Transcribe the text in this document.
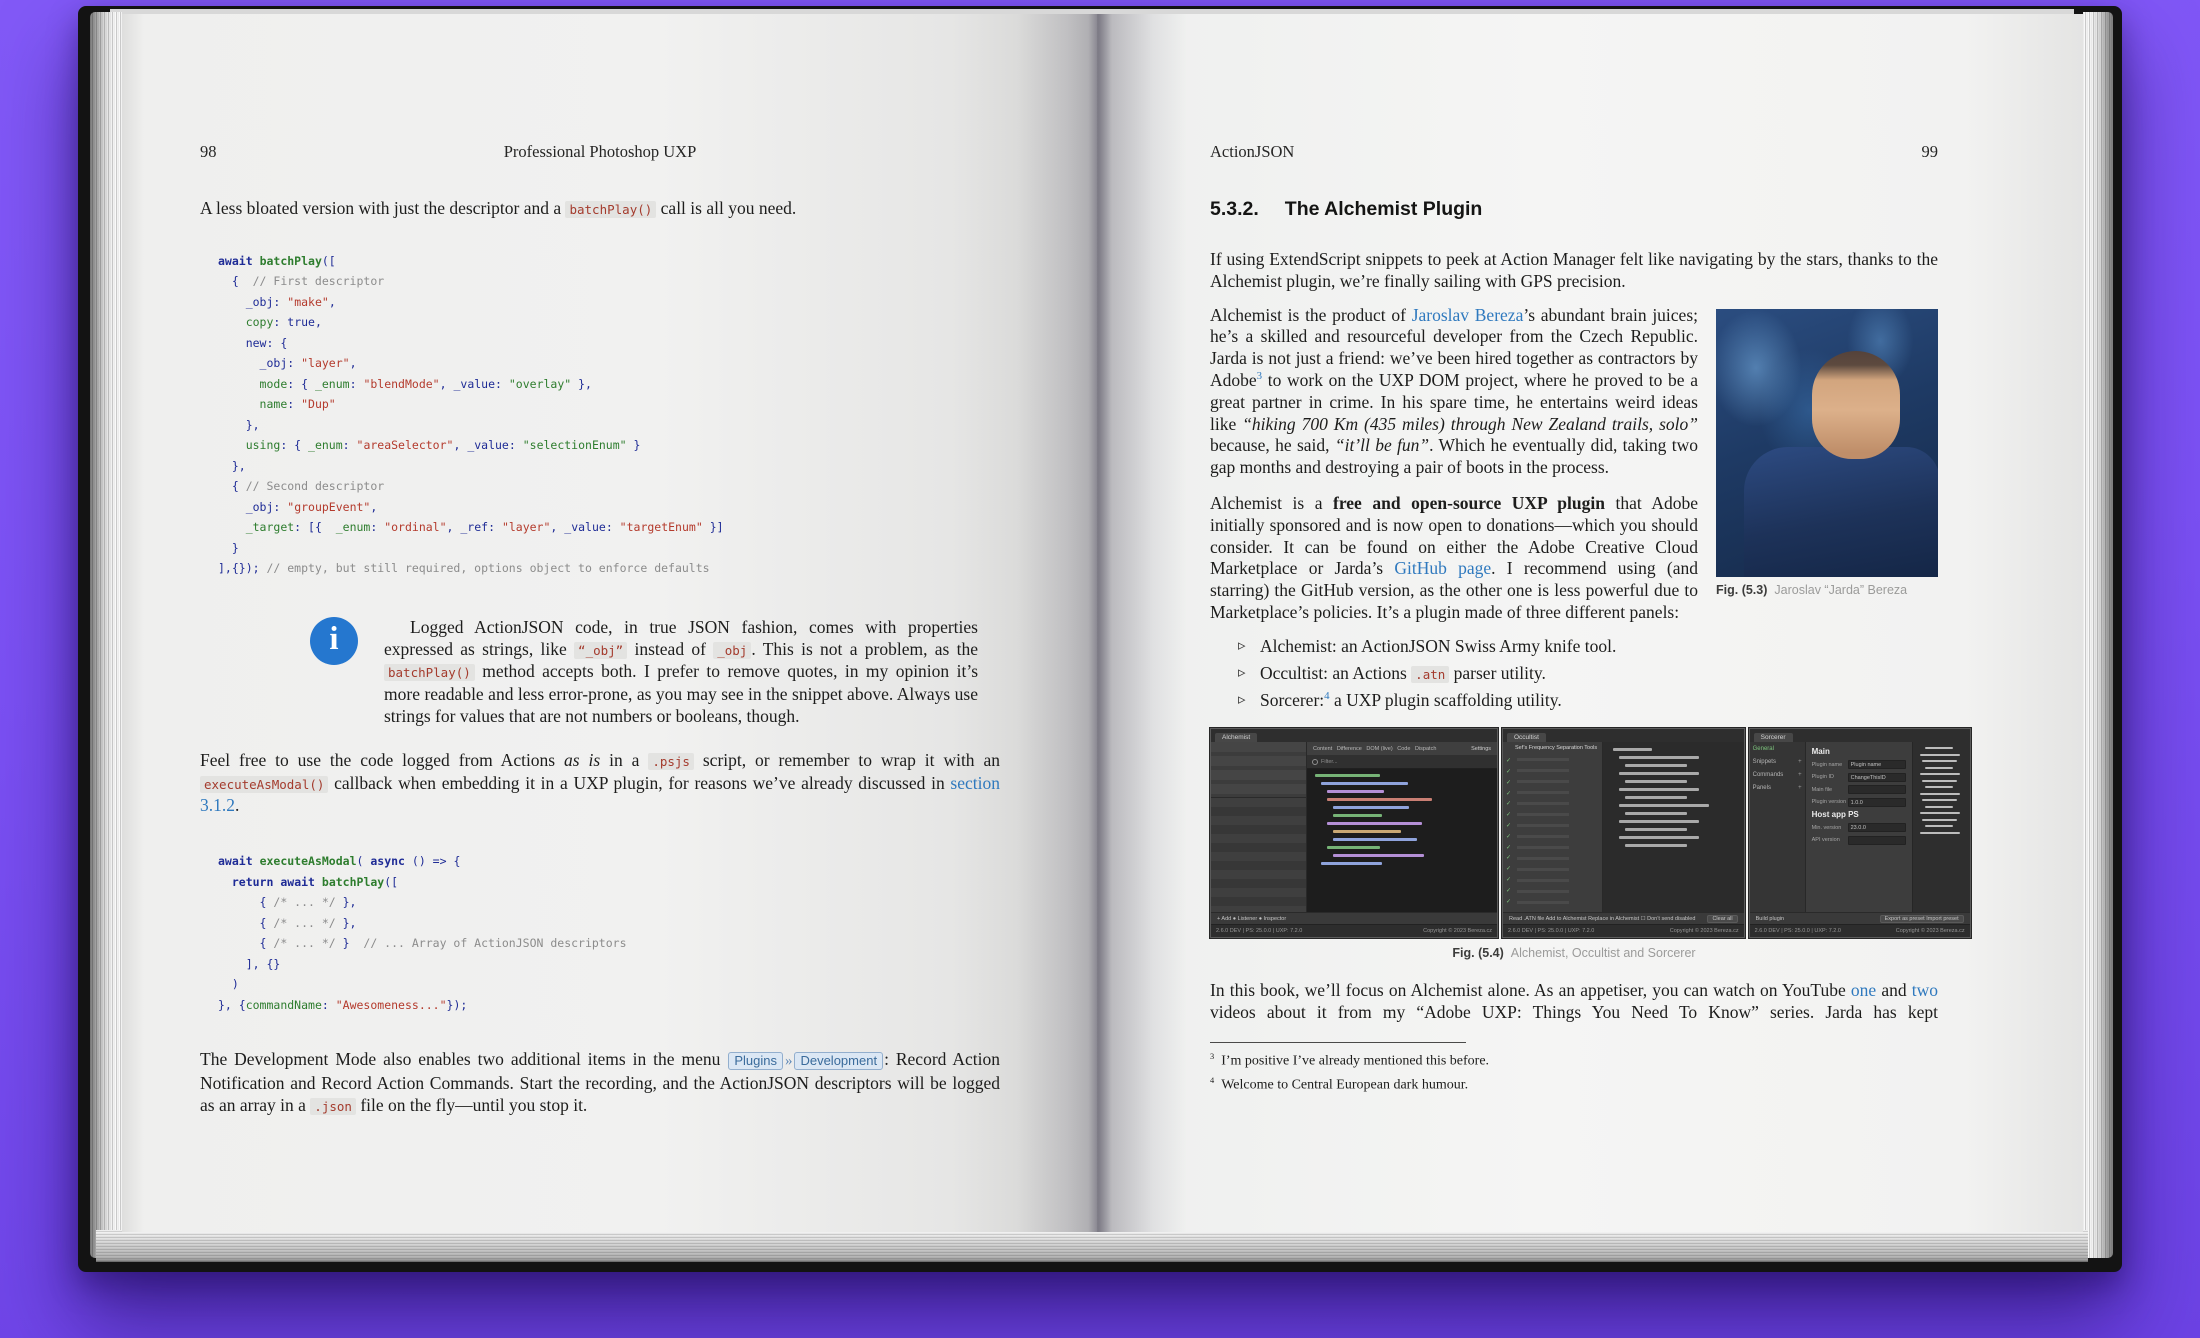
98	Professional Photoshop UXP

A less bloated version with just the descriptor and a batchPlay() call is all you need.

await batchPlay([
{  // First descriptor
_obj: "make",
copy: true,
new: {
_obj: "layer",
mode: { _enum: "blendMode", _value: "overlay" },
name: "Dup"
},
using: { _enum: "areaSelector", _value: "selectionEnum" }
},
{ // Second descriptor
_obj: "groupEvent",
_target: [{  _enum: "ordinal", _ref: "layer", _value: "targetEnum" }]
}
],{}); // empty, but still required, options object to enforce defaults
i

Logged ActionJSON code, in true JSON fashion, comes with properties expressed as strings, like “_obj” instead of _obj . This is not a problem, as the batchPlay() method accepts both. I prefer to remove quotes, in my opinion it’s more readable and less error-prone, as you may see in the snippet above. Always use strings for values that are not numbers or booleans, though.

Feel free to use the code logged from Actions as is in a .psjs script, or remember to wrap it with an executeAsModal() callback when embedding it in a UXP plugin, for reasons we’ve already discussed in section 3.1.2.

await executeAsModal( async () => {
return await batchPlay([
{ /* ... */ },
{ /* ... */ },
{ /* ... */ }  // ... Array of ActionJSON descriptors
], {}
)
}, {commandName: "Awesomeness..."});

The Development Mode also enables two additional items in the menu Plugins » Development : Record Action Notification and Record Action Commands. Start the recording, and the ActionJSON descriptors will be logged as an array in a .json file on the fly—until you stop it.

ActionJSON	99
5.3.2. The Alchemist Plugin

If using ExtendScript snippets to peek at Action Manager felt like navigating by the stars, thanks to the Alchemist plugin, we’re finally sailing with GPS precision.

Fig. (5.3) Jaroslav “Jarda” Bereza

Alchemist is the product of Jaroslav Bereza’s abundant brain juices; he’s a skilled and resourceful developer from the Czech Republic. Jarda is not just a friend: we’ve been hired together as contractors by Adobe$^3$ to work on the UXP DOM project, where he proved to be a great partner in crime. In his spare time, he entertains weird ideas like “hiking 700 Km (435 miles) through New Zealand trails, solo” because, he said, “it’ll be fun”. Which he eventually did, taking two gap months and destroying a pair of boots in the process.

Alchemist is a free and open-source UXP plugin that Adobe initially sponsored and is now open to donations—which you should consider. It can be found on either the Adobe Creative Cloud Marketplace or Jarda’s GitHub page. I recommend using (and starring) the GitHub version, as the other one is less powerful due to Marketplace’s policies. It’s a plugin made of three different panels:

▹ Alchemist: an ActionJSON Swiss Army knife tool.
▹ Occultist: an Actions .atn parser utility.
▹ Sorcerer:$^4$ a UXP plugin scaffolding utility.
Alchemist
Content   Difference   DOM (live)   Code   Dispatch	Settings
Filter...
+ Add ● Listener ● Inspector
2.6.0 DEV | PS: 25.0.0 | UXP: 7.2.0	Copyright © 2023 Bereza.cz
Occultist
Sef’s Frequency Separation Tools
✓
✓
✓
✓
✓
✓
✓
✓
✓
✓
✓
✓
✓
✓
Read .ATN file Add to Alchemist Replace in Alchemist ☐ Don’t send disabled	Clear all
2.6.0 DEV | PS: 25.0.0 | UXP: 7.2.0	Copyright © 2023 Bereza.cz
Sorcerer
General
Snippets +
Commands +
Panels +
Main
Plugin name	Plugin name
Plugin ID	ChangeThisID
Main file
Plugin version 1.0.0
Host app PS
Min. version	23.0.0
API version
Build plugin	Export as preset Import preset
2.6.0 DEV | PS: 25.0.0 | UXP: 7.2.0	Copyright © 2023 Bereza.cz
Fig. (5.4) Alchemist, Occultist and Sorcerer

In this book, we’ll focus on Alchemist alone. As an appetiser, you can watch on YouTube one and two videos about it from my “Adobe UXP: Things You Need To Know” series. Jarda has kept

$^3$ I’m positive I’ve already mentioned this before.
$^4$ Welcome to Central European dark humour.
